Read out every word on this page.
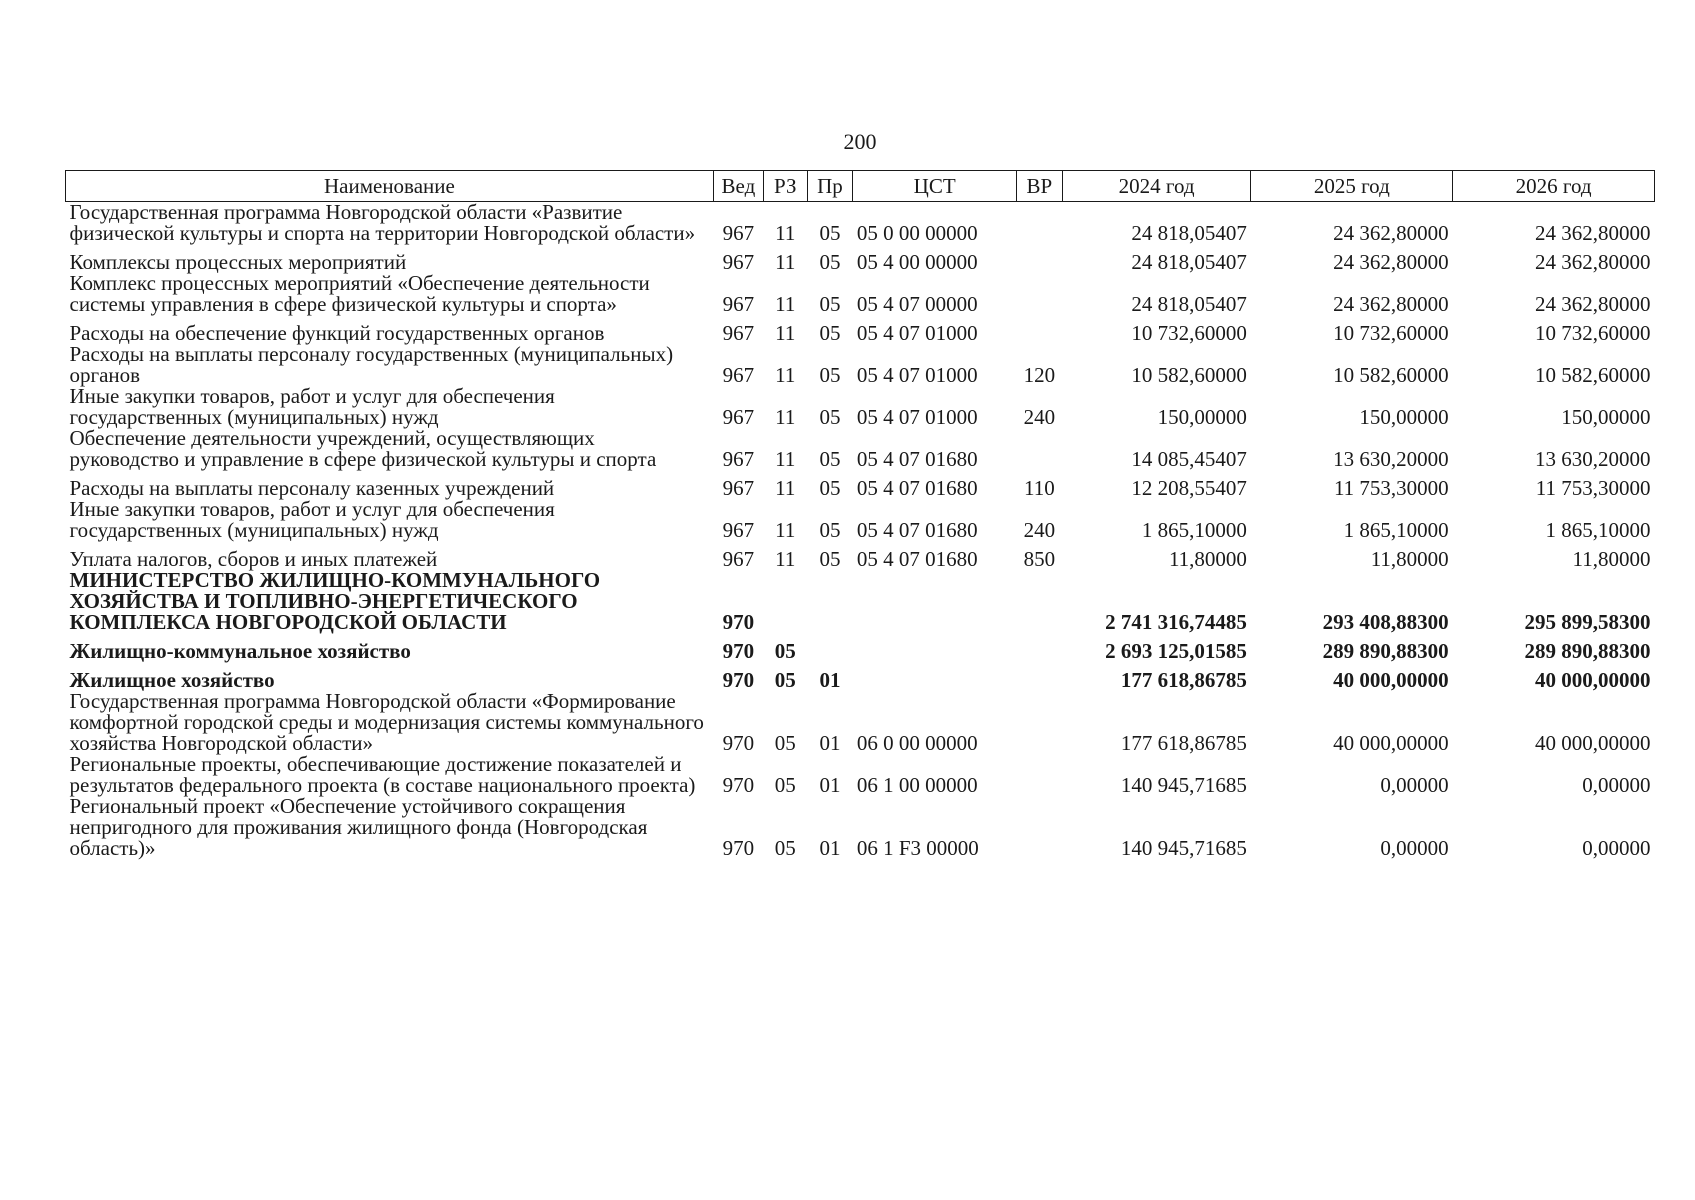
200
Наименование	Вед	РЗ	Пр	ЦСТ	ВР	2024 год	2025 год	2026 год
Государственная программа Новгородской области «Развитие физической культуры и спорта на территории Новгородской области»	967	11	05	05 0 00 00000		24 818,05407	24 362,80000	24 362,80000
Комплексы процессных мероприятий	967	11	05	05 4 00 00000		24 818,05407	24 362,80000	24 362,80000
Комплекс процессных мероприятий «Обеспечение деятельности системы управления в сфере физической культуры и спорта»	967	11	05	05 4 07 00000		24 818,05407	24 362,80000	24 362,80000
Расходы на обеспечение функций государственных органов	967	11	05	05 4 07 01000		10 732,60000	10 732,60000	10 732,60000
Расходы на выплаты персоналу государственных (муниципальных) органов	967	11	05	05 4 07 01000	120	10 582,60000	10 582,60000	10 582,60000
Иные закупки товаров, работ и услуг для обеспечения государственных (муниципальных) нужд	967	11	05	05 4 07 01000	240	150,00000	150,00000	150,00000
Обеспечение деятельности учреждений, осуществляющих руководство и управление в сфере физической культуры и спорта	967	11	05	05 4 07 01680		14 085,45407	13 630,20000	13 630,20000
Расходы на выплаты персоналу казенных учреждений	967	11	05	05 4 07 01680	110	12 208,55407	11 753,30000	11 753,30000
Иные закупки товаров, работ и услуг для обеспечения государственных (муниципальных) нужд	967	11	05	05 4 07 01680	240	1 865,10000	1 865,10000	1 865,10000
Уплата налогов, сборов и иных платежей	967	11	05	05 4 07 01680	850	11,80000	11,80000	11,80000
МИНИСТЕРСТВО ЖИЛИЩНО-КОММУНАЛЬНОГО ХОЗЯЙСТВА И ТОПЛИВНО-ЭНЕРГЕТИЧЕСКОГО КОМПЛЕКСА НОВГОРОДСКОЙ ОБЛАСТИ	970					2 741 316,74485	293 408,88300	295 899,58300
Жилищно-коммунальное хозяйство	970	05				2 693 125,01585	289 890,88300	289 890,88300
Жилищное хозяйство	970	05	01			177 618,86785	40 000,00000	40 000,00000
Государственная программа Новгородской области «Формирование комфортной городской среды и модернизация системы коммунального хозяйства Новгородской области»	970	05	01	06 0 00 00000		177 618,86785	40 000,00000	40 000,00000
Региональные проекты, обеспечивающие достижение показателей и результатов федерального проекта (в составе национального проекта)	970	05	01	06 1 00 00000		140 945,71685	0,00000	0,00000
Региональный проект «Обеспечение устойчивого сокращения непригодного для проживания жилищного фонда (Новгородская область)»	970	05	01	06 1 F3 00000		140 945,71685	0,00000	0,00000
